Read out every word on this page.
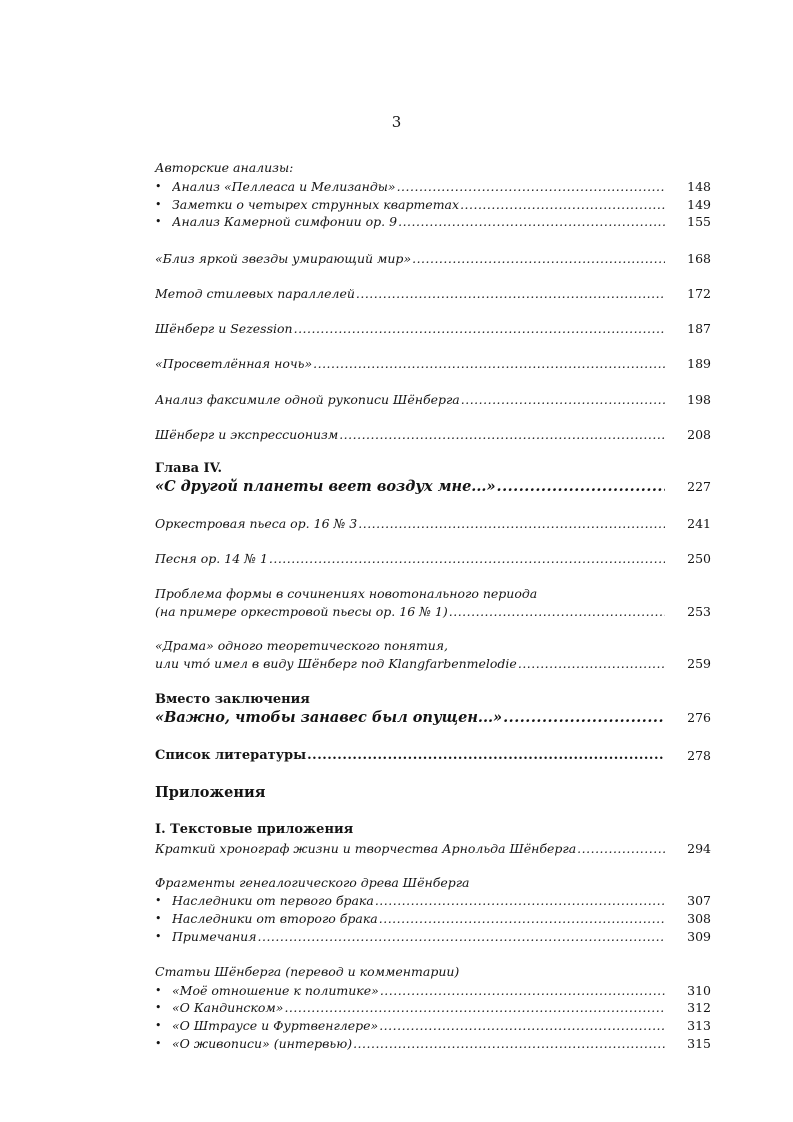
3
Авторские анализы:
• Анализ «Пеллеаса и Мелизанды» .....	148
• Заметки о четырех струнных квартетах .....	149
• Анализ Камерной симфонии ор. 9 .....	155
«Близ яркой звезды умирающий мир» .....	168
Метод стилевых параллелей .....	172
Шёнберг и Sezession .....	187
«Просветлённая ночь» .....	189
Анализ факсимиле одной рукописи Шёнберга .....	198
Шёнберг и экспрессионизм .....	208
Глава IV.
«С другой планеты веет воздух мне...» .....	227
Оркестровая пьеса ор. 16 № 3 .....	241
Песня ор. 14 № 1 .....	250
Проблема формы в сочинениях новотонального периода
(на примере оркестровой пьесы ор. 16 № 1) .....	253
«Драма» одного теоретического понятия,
или что́ имел в виду Шёнберг под Klangfarbenmelodie .....	259
Вместо заключения
«Важно, чтобы занавес был опущен...» .....	276
Список литературы .....	278
Приложения
I. Текстовые приложения
Краткий хронограф жизни и творчества Арнольда Шёнберга .....	294
Фрагменты генеалогического древа Шёнберга
• Наследники от первого брака .....	307
• Наследники от второго брака .....	308
• Примечания .....	309
Статьи Шёнберга (перевод и комментарии)
• «Моё отношение к политике» .....	310
• «О Кандинском» .....	312
• «О Штраусе и Фуртвенглере» .....	313
• «О живописи» (интервью) .....	315
